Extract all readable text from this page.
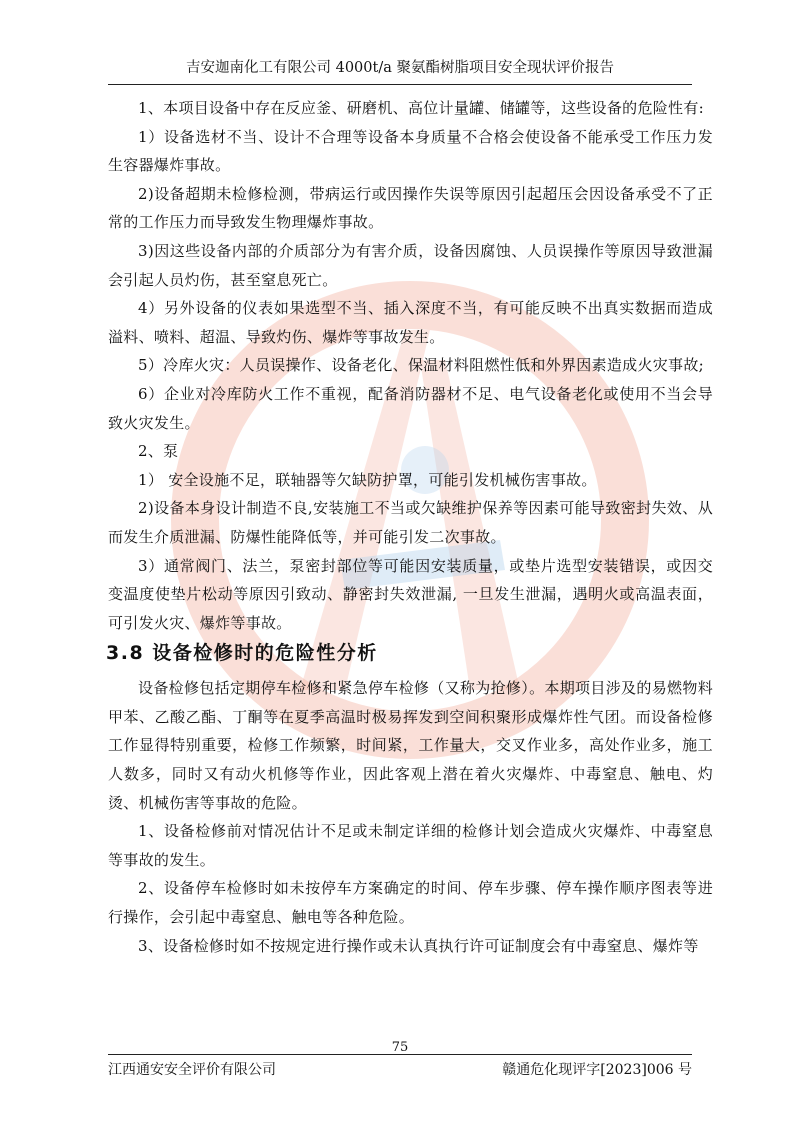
吉安迦南化工有限公司 4000t/a 聚氨酯树脂项目安全现状评价报告

1、本项目设备中存在反应釜、研磨机、高位计量罐、储罐等，这些设备的危险性有:

1）设备选材不当、设计不合理等设备本身质量不合格会使设备不能承受工作压力发生容器爆炸事故。

2)设备超期未检修检测，带病运行或因操作失误等原因引起超压会因设备承受不了正常的工作压力而导致发生物理爆炸事故。

3)因这些设备内部的介质部分为有害介质，设备因腐蚀、人员误操作等原因导致泄漏会引起人员灼伤，甚至窒息死亡。

4）另外设备的仪表如果选型不当、插入深度不当，有可能反映不出真实数据而造成溢料、喷料、超温、导致灼伤、爆炸等事故发生。

5）冷库火灾：人员误操作、设备老化、保温材料阻燃性低和外界因素造成火灾事故;

6）企业对冷库防火工作不重视，配备消防器材不足、电气设备老化或使用不当会导致火灾发生。

2、泵

1） 安全设施不足，联轴器等欠缺防护罩，可能引发机械伤害事故。

2)设备本身设计制造不良,安装施工不当或欠缺维护保养等因素可能导致密封失效、从而发生介质泄漏、防爆性能降低等，并可能引发二次事故。

3）通常阀门、法兰，泵密封部位等可能因安装质量，或垫片选型安装错误，或因交变温度使垫片松动等原因引致动、静密封失效泄漏, 一旦发生泄漏，遇明火或高温表面，可引发火灾、爆炸等事故。

3.8 设备检修时的危险性分析

设备检修包括定期停车检修和紧急停车检修（又称为抢修）。本期项目涉及的易燃物料甲苯、乙酸乙酯、丁酮等在夏季高温时极易挥发到空间积聚形成爆炸性气团。而设备检修工作显得特别重要，检修工作频繁，时间紧，工作量大，交叉作业多，高处作业多，施工人数多，同时又有动火机修等作业，因此客观上潜在着火灾爆炸、中毒窒息、触电、灼烫、机械伤害等事故的危险。

1、设备检修前对情况估计不足或未制定详细的检修计划会造成火灾爆炸、中毒窒息等事故的发生。

2、设备停车检修时如未按停车方案确定的时间、停车步骤、停车操作顺序图表等进行操作，会引起中毒窒息、触电等各种危险。

3、设备检修时如不按规定进行操作或未认真执行许可证制度会有中毒窒息、爆炸等

75
江西通安安全评价有限公司	赣通危化现评字[2023]006 号
